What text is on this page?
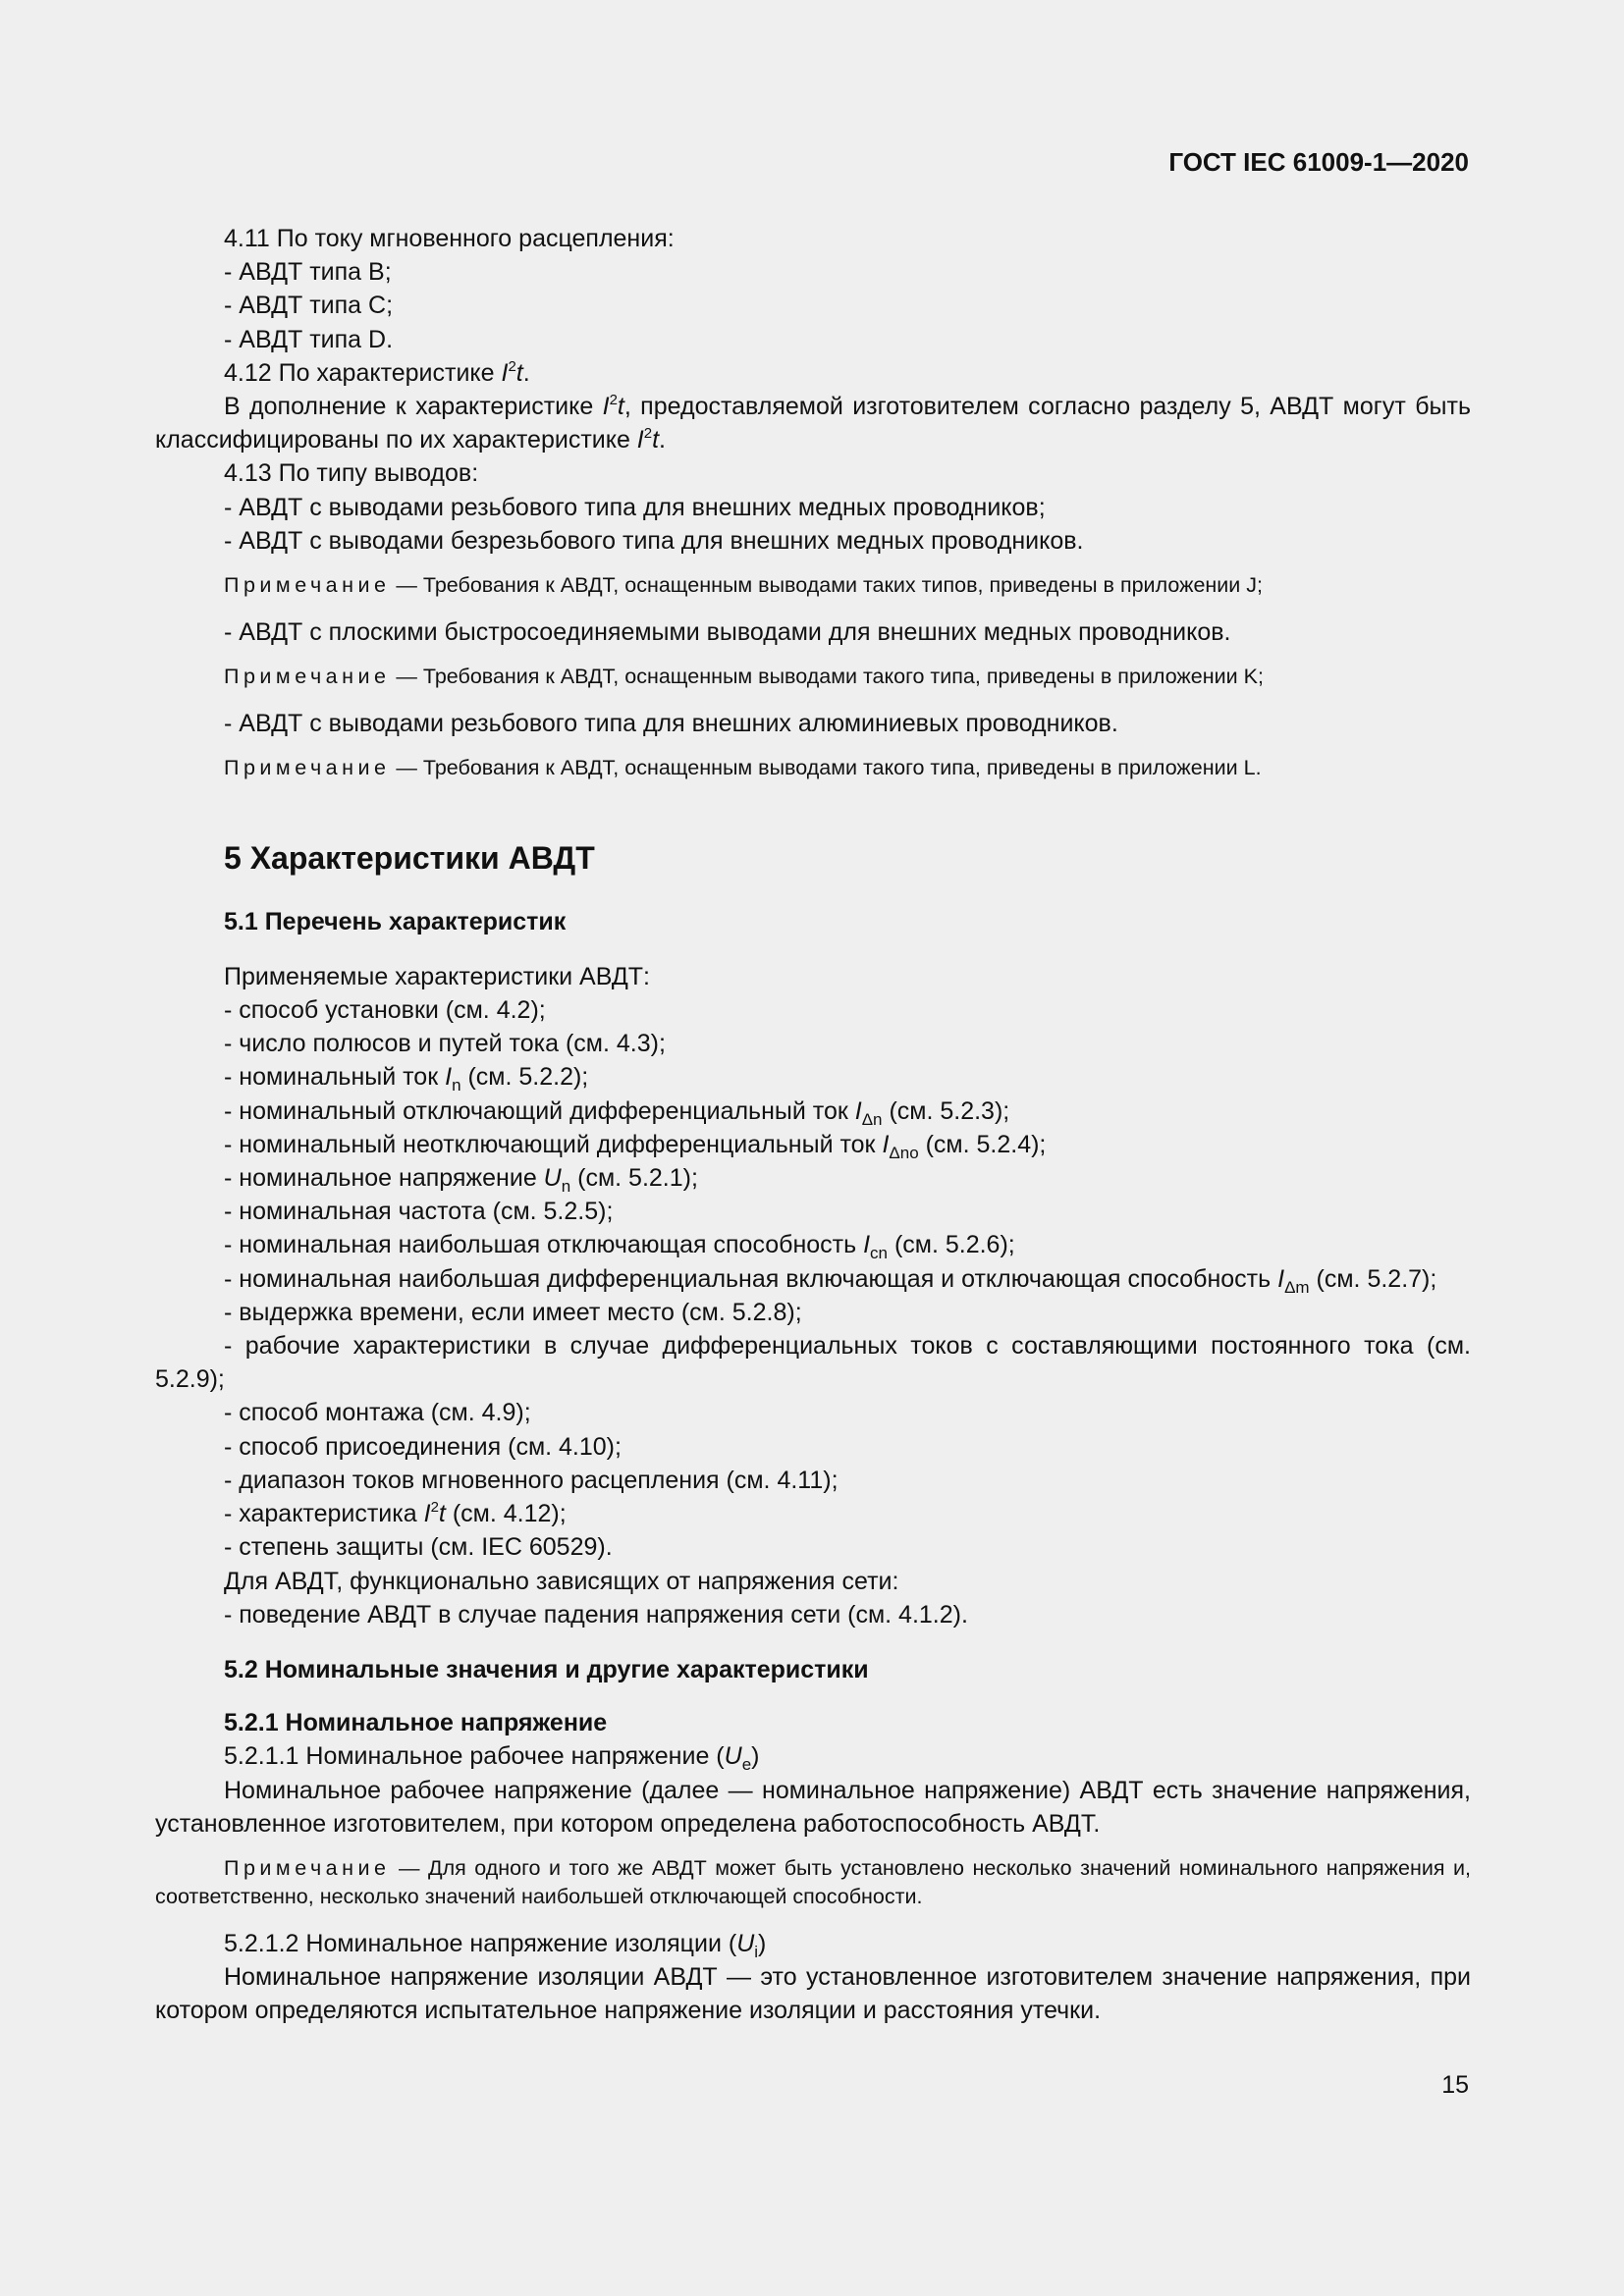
ГОСТ IEC 61009-1—2020
4.11 По току мгновенного расцепления:
- АВДТ типа B;
- АВДТ типа C;
- АВДТ типа D.
4.12 По характеристике $I^2t$.
В дополнение к характеристике $I^2t$, предоставляемой изготовителем согласно разделу 5, АВДТ могут быть классифицированы по их характеристике $I^2t$.
4.13 По типу выводов:
- АВДТ с выводами резьбового типа для внешних медных проводников;
- АВДТ с выводами безрезьбового типа для внешних медных проводников.
Примечание — Требования к АВДТ, оснащенным выводами таких типов, приведены в приложении J;
- АВДТ с плоскими быстросоединяемыми выводами для внешних медных проводников.
Примечание — Требования к АВДТ, оснащенным выводами такого типа, приведены в приложении K;
- АВДТ с выводами резьбового типа для внешних алюминиевых проводников.
Примечание — Требования к АВДТ, оснащенным выводами такого типа, приведены в приложении L.
5 Характеристики АВДТ
5.1 Перечень характеристик
Применяемые характеристики АВДТ:
- способ установки (см. 4.2);
- число полюсов и путей тока (см. 4.3);
- номинальный ток $I_n$ (см. 5.2.2);
- номинальный отключающий дифференциальный ток $I_{\Delta n}$ (см. 5.2.3);
- номинальный неотключающий дифференциальный ток $I_{\Delta no}$ (см. 5.2.4);
- номинальное напряжение $U_n$ (см. 5.2.1);
- номинальная частота (см. 5.2.5);
- номинальная наибольшая отключающая способность $I_{cn}$ (см. 5.2.6);
- номинальная наибольшая дифференциальная включающая и отключающая способность $I_{\Delta m}$ (см. 5.2.7);
- выдержка времени, если имеет место (см. 5.2.8);
- рабочие характеристики в случае дифференциальных токов с составляющими постоянного тока (см. 5.2.9);
- способ монтажа (см. 4.9);
- способ присоединения (см. 4.10);
- диапазон токов мгновенного расцепления (см. 4.11);
- характеристика $I^2t$ (см. 4.12);
- степень защиты (см. IEC 60529).
Для АВДТ, функционально зависящих от напряжения сети:
- поведение АВДТ в случае падения напряжения сети (см. 4.1.2).
5.2 Номинальные значения и другие характеристики
5.2.1 Номинальное напряжение
5.2.1.1 Номинальное рабочее напряжение $(U_e)$
Номинальное рабочее напряжение (далее — номинальное напряжение) АВДТ есть значение напряжения, установленное изготовителем, при котором определена работоспособность АВДТ.
Примечание — Для одного и того же АВДТ может быть установлено несколько значений номинального напряжения и, соответственно, несколько значений наибольшей отключающей способности.
5.2.1.2 Номинальное напряжение изоляции $(U_i)$
Номинальное напряжение изоляции АВДТ — это установленное изготовителем значение напряжения, при котором определяются испытательное напряжение изоляции и расстояния утечки.
15
